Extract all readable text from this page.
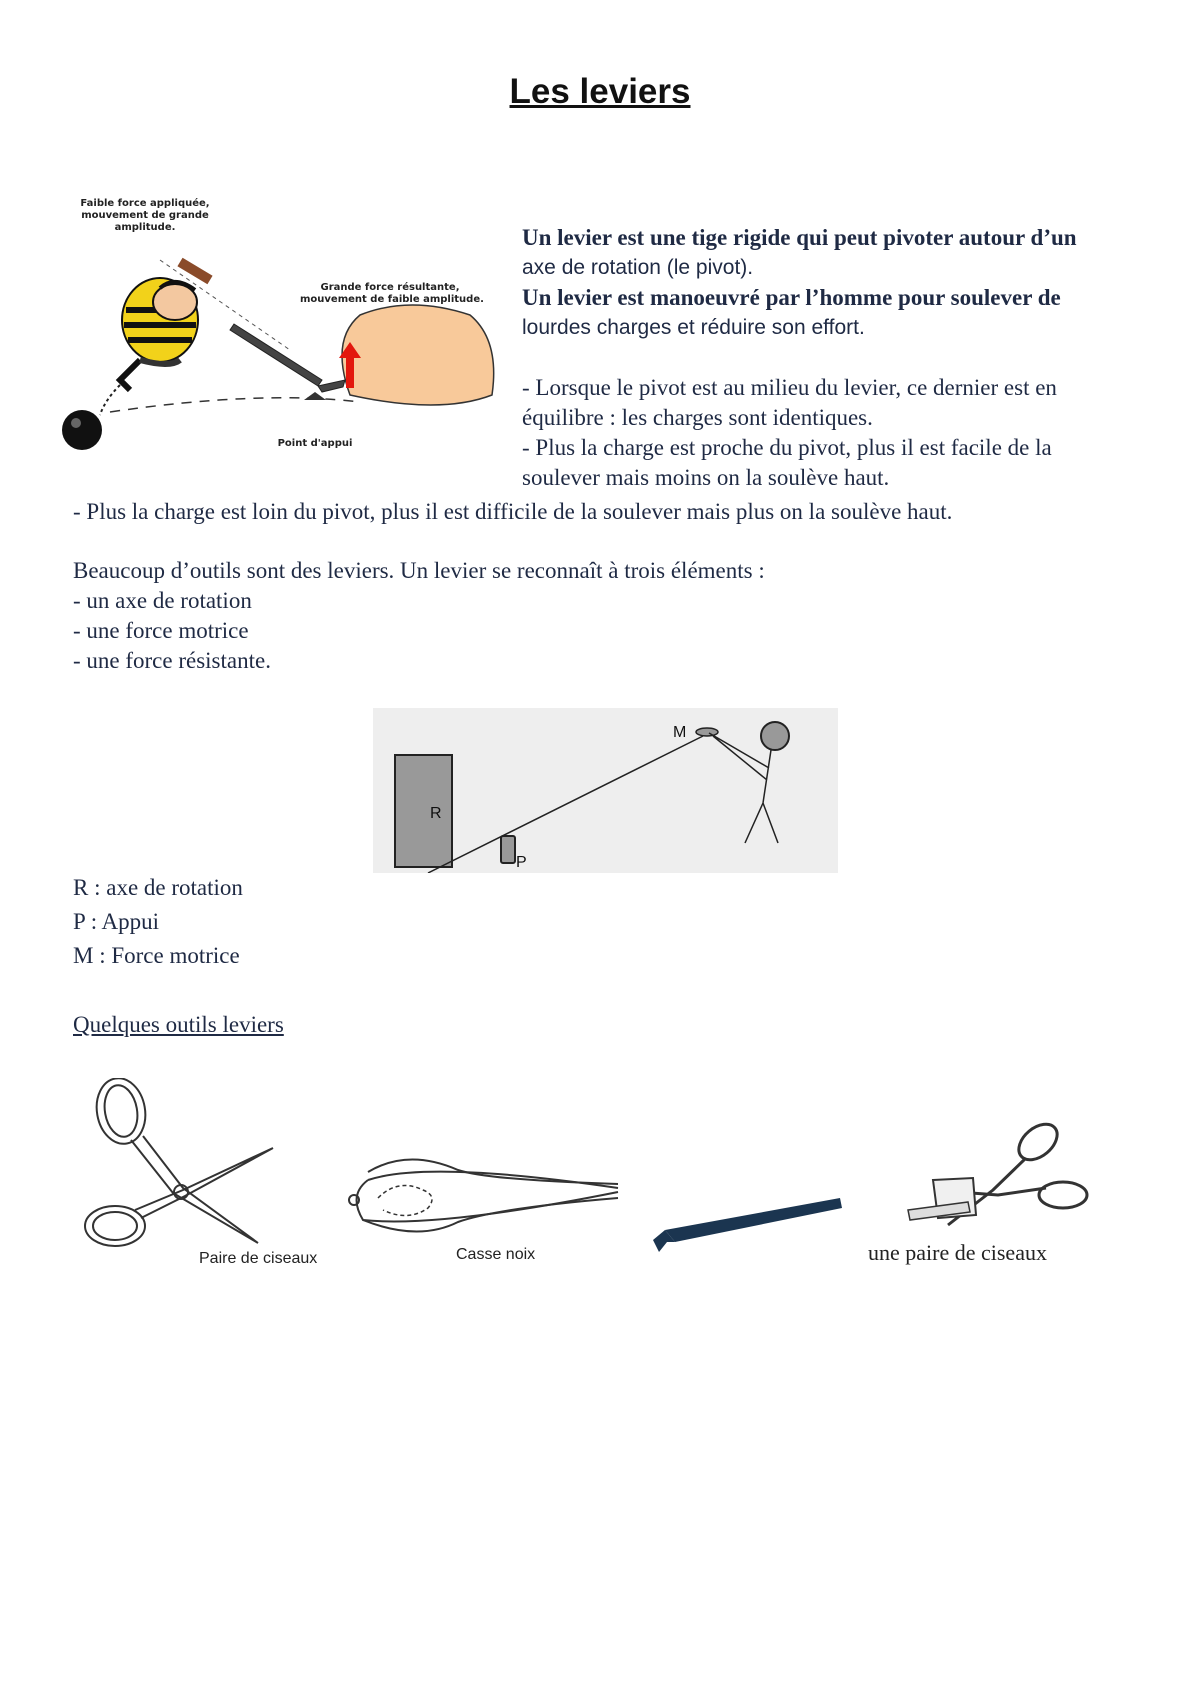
Les leviers
Faible force appliquée,
mouvement de grande
amplitude.
Grande force résultante,
mouvement de faible amplitude.
Point d'appui
Un levier est une tige rigide qui peut pivoter autour d’un
axe de rotation (le pivot).
Un levier est manoeuvré par l’homme pour soulever de
lourdes charges et réduire son effort.

- Lorsque le pivot est au milieu du levier, ce dernier est en
équilibre : les charges sont identiques.
- Plus la charge est proche du pivot, plus il est facile de la
soulever mais moins on la soulève haut.
- Plus la charge est loin du pivot, plus il est difficile de la soulever mais plus on la soulève haut.
Beaucoup d’outils sont des leviers. Un levier se reconnaît à trois éléments :
- un axe de rotation
- une force motrice
- une force résistante.
R
P
M
R : axe de rotation
P : Appui
M : Force motrice
Quelques outils leviers
Paire de ciseaux	Casse noix	une paire de ciseaux
